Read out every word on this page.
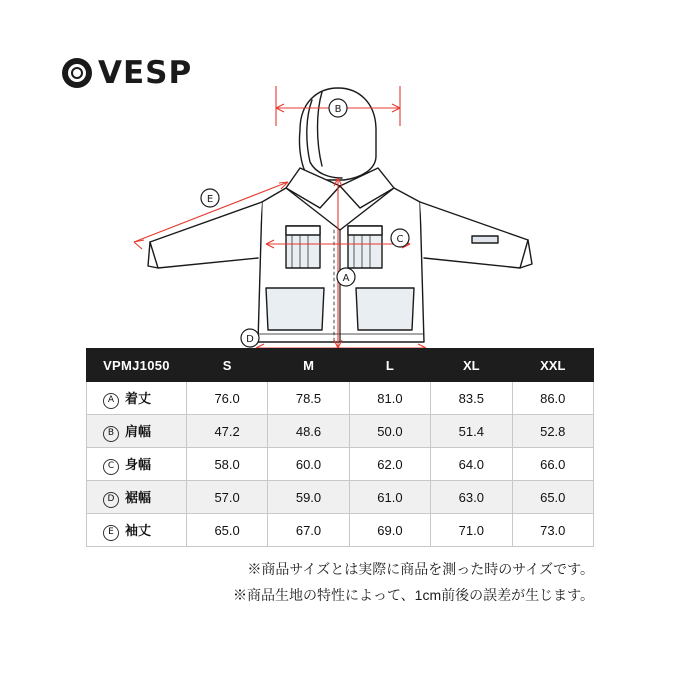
VESP
B
E
C
A
D
VPMJ1050	S	M	L	XL	XXL
A 着丈	76.0	78.5	81.0	83.5	86.0
B 肩幅	47.2	48.6	50.0	51.4	52.8
C 身幅	58.0	60.0	62.0	64.0	66.0
D 裾幅	57.0	59.0	61.0	63.0	65.0
E 袖丈	65.0	67.0	69.0	71.0	73.0
※商品サイズとは実際に商品を測った時のサイズです。
※商品生地の特性によって、1cm前後の誤差が生じます。
